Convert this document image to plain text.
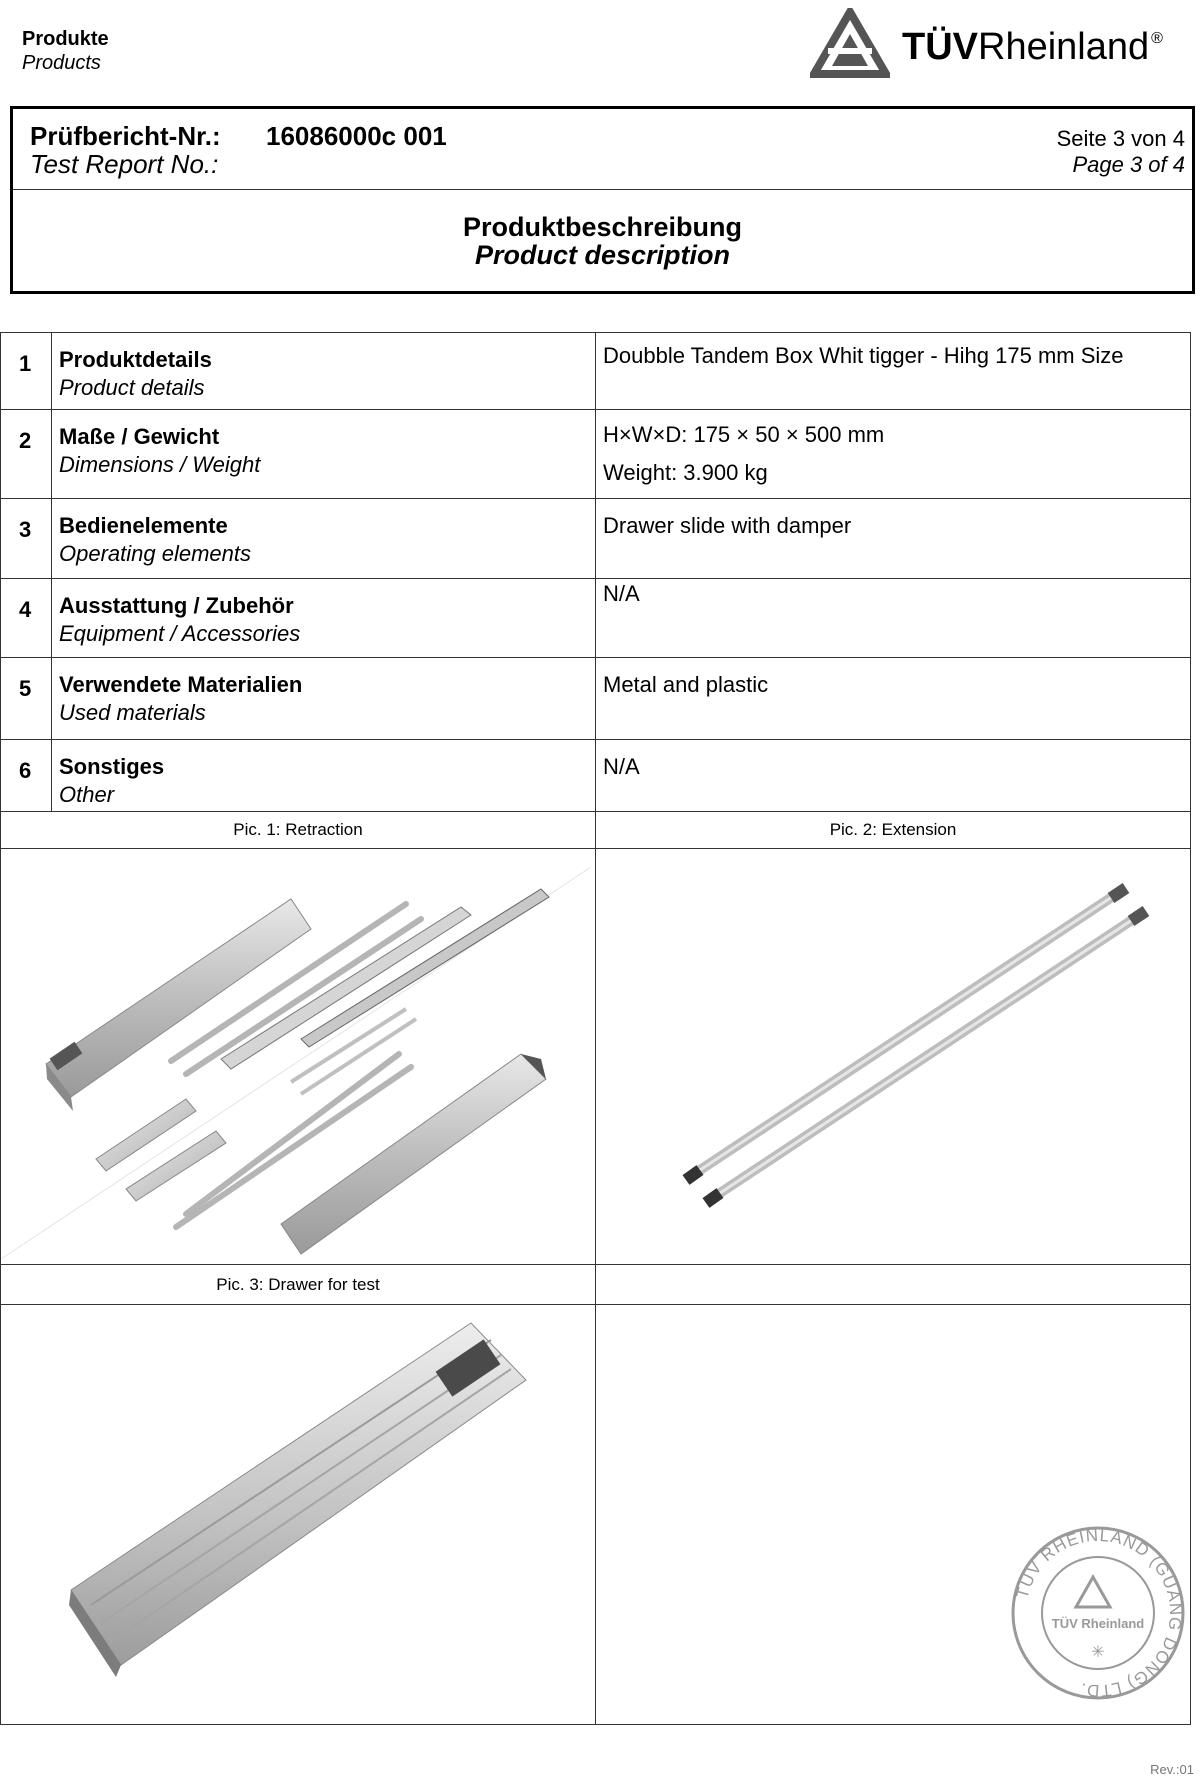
Produkte
Products	TÜVRheinland ®
Prüfbericht-Nr.: 16086000c 001
Test Report No.:
Seite 3 von 4
Page 3 of 4
Produktbeschreibung
Product description
1	Produktdetails
Product details	Doubble Tandem Box Whit tigger - Hihg 175 mm Size

2	Maße / Gewicht
Dimensions / Weight	H×W×D: 175 × 50 × 500 mm
Weight: 3.900 kg

3	Bedienelemente
Operating elements	Drawer slide with damper

4	Ausstattung / Zubehör
Equipment / Accessories	N/A

5	Verwendete Materialien
Used materials	Metal and plastic

6	Sonstiges
Other	N/A

Pic. 1: Retraction		Pic. 2: Extension

Pic. 3: Drawer for test		

TÜV RHEINLAND (GUANG DONG) LTD.
TÜV Rheinland
✳
Rev.:01
